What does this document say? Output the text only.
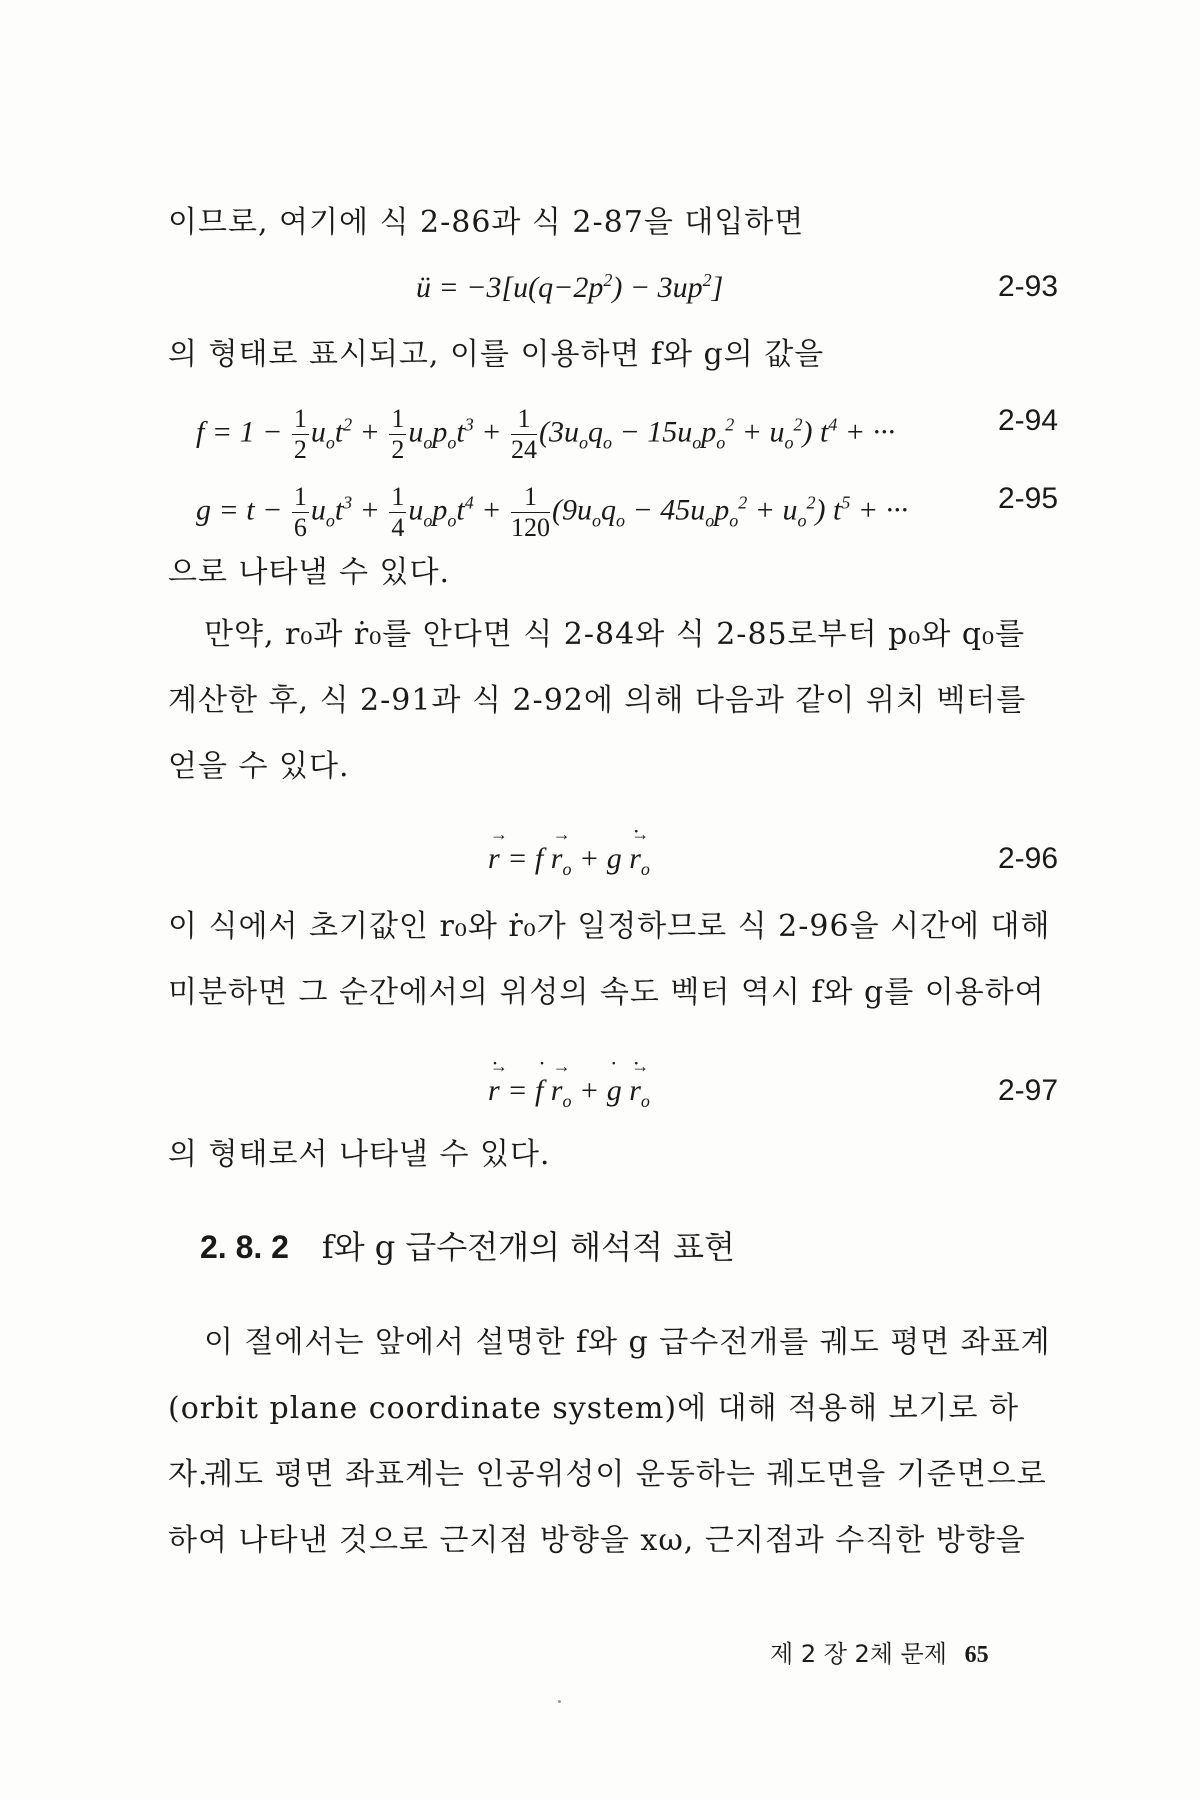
이므로, 여기에 식 2-86과 식 2-87을 대입하면
ü = $-3[u(q-2p^2) - 3up^2]$	2-93
의 형태로 표시되고, 이를 이용하면 f와 g의 값을
$f = 1 - \frac{1}{2} u_ot^2 + \frac{1}{2} u_op_ot^3 + \frac{1}{24} (3u_oq_o - 15u_op_o^2 + u_o^2) t^4$ + ···	2-94
$g = t - \frac{1}{6} u_ot^3 + \frac{1}{4} u_op_ot^4 + \frac{1}{120} (9u_oq_o - 45u_op_o^2 + u_o^2) t^5$ + ···	2-95
으로 나타낼 수 있다.
만약, r₀과 ṙ₀를 안다면 식 2-84와 식 2-85로부터 p₀와 q₀를 계산한 후, 식 2-91과 식 2-92에 의해 다음과 같이 위치 벡터를 얻을 수 있다.
→ $r = f \to r_o + g \to r$ $˙_o$	2-96
이 식에서 초기값인 r₀와 ṙ₀가 일정하므로 식 2-96을 시간에 대해 미분하면 그 순간에서의 위성의 속도 벡터 역시 f와 g를 이용하여
→ r ˙ = f ˙ → $r_o + g$ ˙ → r $˙_o$	2-97
의 형태로서 나타낼 수 있다.
2. 8. 2 f와 g 급수전개의 해석적 표현
이 절에서는 앞에서 설명한 f와 g 급수전개를 궤도 평면 좌표계(orbit plane coordinate system)에 대해 적용해 보기로 하자.
궤도 평면 좌표계는 인공위성이 운동하는 궤도면을 기준면으로 하여 나타낸 것으로 근지점 방향을 xω, 근지점과 수직한 방향을
제 2 장 2체 문제 65
